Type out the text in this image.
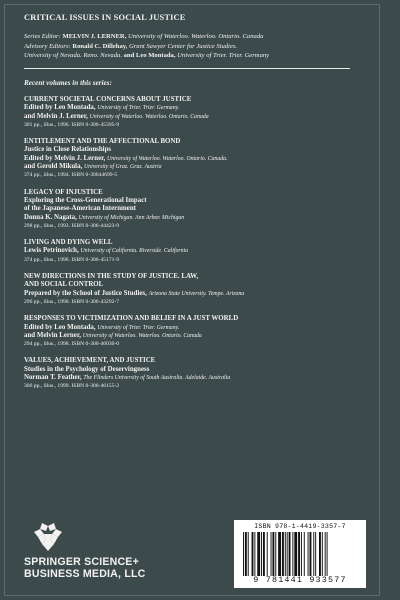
CRITICAL ISSUES IN SOCIAL JUSTICE
Series Editor: MELVIN J. LERNER, University of Waterloo. Waterloo. Ontario. Canada
Advisory Editors: Ronald C. Dillehay, Grant Sawyer Center for Justice Studies.
University of Nevada. Reno. Nevada. and Leo Montada, University of Trier. Trier. Germany
Recent volumes in this series:
CURRENT SOCIETAL CONCERNS ABOUT JUSTICE
Edited by Leo Montada, University of Trier. Trier. Germany.
and Melvin J. Lerner, University of Waterloo. Waterloo. Ontario. Canada
301 pp., illus., 1996. ISBN 0-306-45395-9
ENTITLEMENT AND THE AFFECTIONAL BOND
Justice in Close Relationships
Edited by Melvin J. Lerner, University of Waterloo. Waterloo. Ontario. Canada.
and Gerold Mikula, University of Graz. Graz. Austria
374 pp., illus., 1994. ISBN 0-30644699-5
LEGACY OF INJUSTICE
Exploring the Cross-Generational Impact
of the Japanese-American Internment
Donna K. Nagata, University of Michigan. Ann Arbor. Michigan
298 pp., illus., 1993. ISBN 0-306-44423-9
LIVING AND DYING WELL
Lewis Petrinovich, University of California. Riverside. California
374 pp., illus., 1996. ISBN 0-306-45171-9
NEW DIRECTIONS IN THE STUDY OF JUSTICE. LAW,
AND SOCIAL CONTROL
Prepared by the School of Justice Studies, Arizona State University. Tempe. Arizona
296 pp., illus., 1990. ISBN 0-306-43292-7
RESPONSES TO VICTIMIZATION AND BELIEF IN A JUST WORLD
Edited by Leo Montada, University of Trier. Trier. Germany.
and Melvin Lerner, University of Waterloo. Waterloo. Ontario. Canada
294 pp., illus., 1998. ISBN 0-306-46030-0
VALUES, ACHIEVEMENT, AND JUSTICE
Studies in the Psychology of Deservingness
Norman T. Feather, The Flinders University of South Australia. Adelaide. Australia
306 pp., illus., 1999. ISBN 0-306-46155-2
SPRINGER SCIENCE+
BUSINESS MEDIA, LLC
ISBN 978-1-4419-3357-7
9 781441 933577
